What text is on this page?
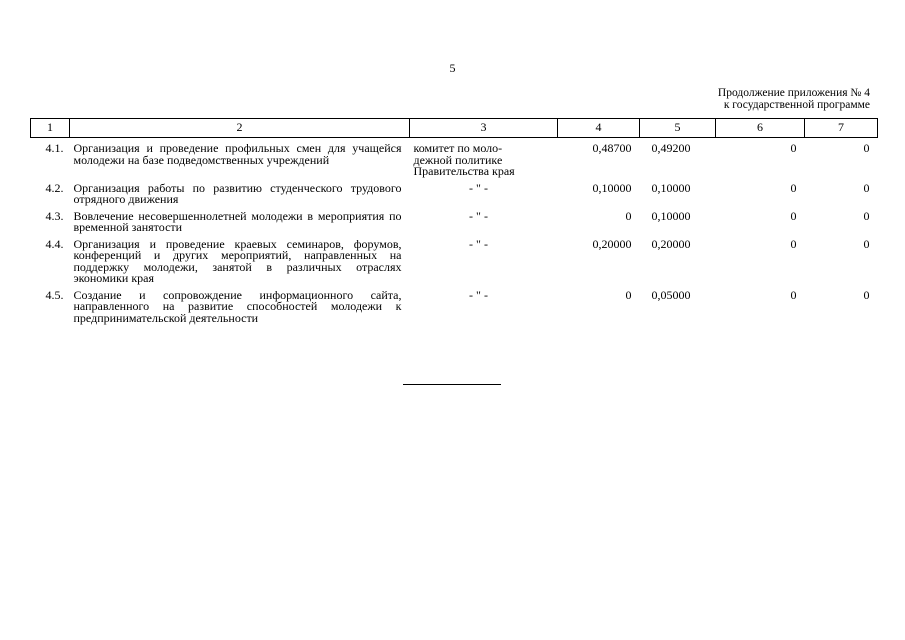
5
Продолжение приложения № 4
к государственной программе
1	2	3	4	5	6	7
4.1.	Организация и проведение профильных смен для учащейся молодежи на базе подведомственных учреждений	комитет по моло-
дежной политике
Правительства края	0,48700	0,49200	0	0
4.2.	Организация работы по развитию студенческого трудового отрядного движения	- " -	0,10000	0,10000	0	0
4.3.	Вовлечение несовершеннолетней молодежи в мероприятия по временной занятости	- " -	0	0,10000	0	0
4.4.	Организация и проведение краевых семинаров, форумов, конференций и других мероприятий, направленных на поддержку молодежи, занятой в различных отраслях экономики края	- " -	0,20000	0,20000	0	0
4.5.	Создание и сопровождение информационного сайта, направленного на развитие способностей молодежи к предпринимательской деятельности	- " -	0	0,05000	0	0
